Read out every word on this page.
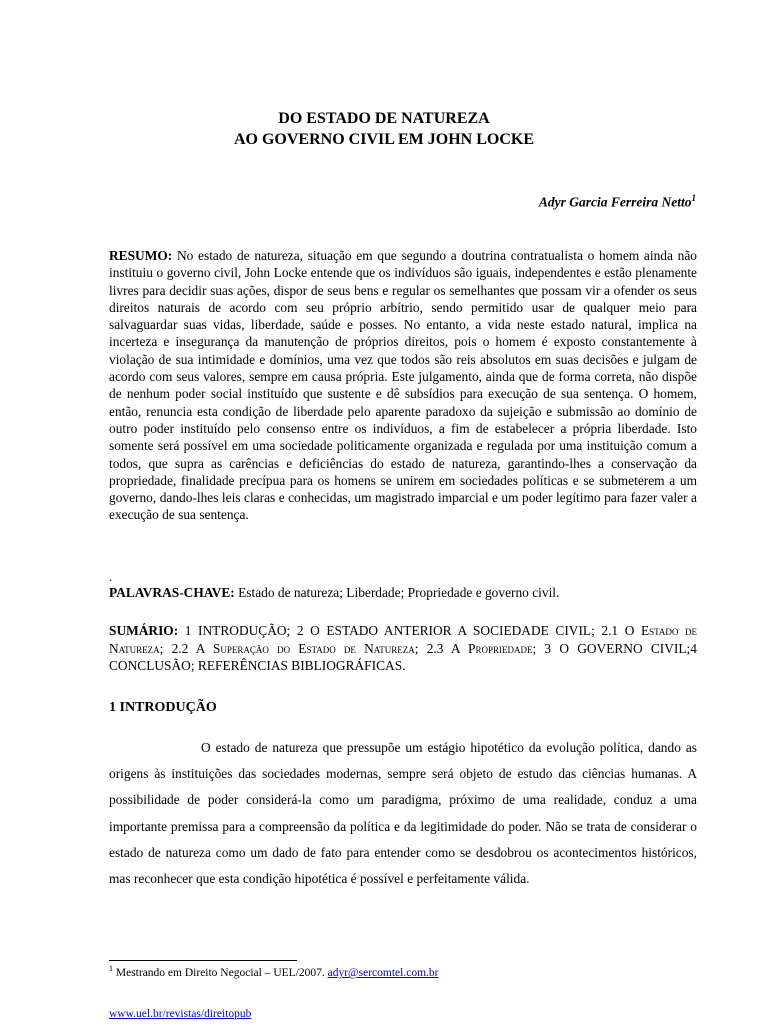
DO ESTADO DE NATUREZA
AO GOVERNO CIVIL EM JOHN LOCKE
Adyr Garcia Ferreira Netto$^1$
RESUMO: No estado de natureza, situação em que segundo a doutrina contratualista o homem ainda não instituiu o governo civil, John Locke entende que os indivíduos são iguais, independentes e estão plenamente livres para decidir suas ações, dispor de seus bens e regular os semelhantes que possam vir a ofender os seus direitos naturais de acordo com seu próprio arbítrio, sendo permitido usar de qualquer meio para salvaguardar suas vidas, liberdade, saúde e posses. No entanto, a vida neste estado natural, implica na incerteza e insegurança da manutenção de próprios direitos, pois o homem é exposto constantemente à violação de sua intimidade e domínios, uma vez que todos são reis absolutos em suas decisões e julgam de acordo com seus valores, sempre em causa própria. Este julgamento, ainda que de forma correta, não dispõe de nenhum poder social instituído que sustente e dê subsídios para execução de sua sentença. O homem, então, renuncia esta condição de liberdade pelo aparente paradoxo da sujeição e submissão ao domínio de outro poder instituído pelo consenso entre os indivíduos, a fim de estabelecer a própria liberdade. Isto somente será possível em uma sociedade politicamente organizada e regulada por uma instituição comum a todos, que supra as carências e deficiências do estado de natureza, garantindo-lhes a conservação da propriedade, finalidade precípua para os homens se unirem em sociedades políticas e se submeterem a um governo, dando-lhes leis claras e conhecidas, um magistrado imparcial e um poder legítimo para fazer valer a execução de sua sentença.
.
PALAVRAS-CHAVE: Estado de natureza; Liberdade; Propriedade e governo civil.
SUMÁRIO: 1 INTRODUÇÃO; 2 O ESTADO ANTERIOR A SOCIEDADE CIVIL; 2.1 O Estado de Natureza; 2.2 A Superação do Estado de Natureza; 2.3 A Propriedade; 3 O GOVERNO CIVIL;4 CONCLUSÃO; REFERÊNCIAS BIBLIOGRÁFICAS.
1 INTRODUÇÃO
O estado de natureza que pressupõe um estágio hipotético da evolução política, dando as origens às instituições das sociedades modernas, sempre será objeto de estudo das ciências humanas. A possibilidade de poder considerá-la como um paradigma, próximo de uma realidade, conduz a uma importante premissa para a compreensão da política e da legitimidade do poder. Não se trata de considerar o estado de natureza como um dado de fato para entender como se desdobrou os acontecimentos históricos, mas reconhecer que esta condição hipotética é possível e perfeitamente válida.
$^1$ Mestrando em Direito Negocial – UEL/2007. adyr@sercomtel.com.br
www.uel.br/revistas/direitopub
